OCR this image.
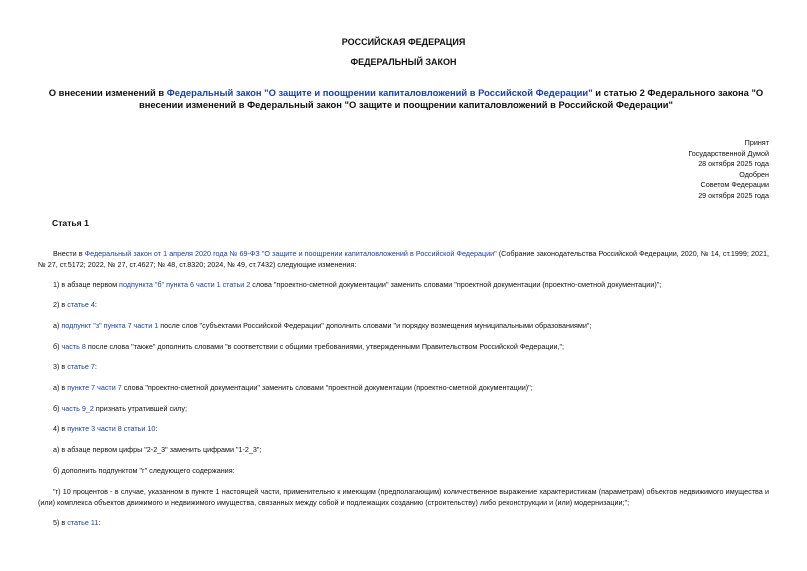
РОССИЙСКАЯ ФЕДЕРАЦИЯ
ФЕДЕРАЛЬНЫЙ ЗАКОН
О внесении изменений в Федеральный закон "О защите и поощрении капиталовложений в Российской Федерации" и статью 2 Федерального закона "О внесении изменений в Федеральный закон "О защите и поощрении капиталовложений в Российской Федерации"
Принят
Государственной Думой
28 октября 2025 года
Одобрен
Советом Федерации
29 октября 2025 года
Статья 1
Внести в Федеральный закон от 1 апреля 2020 года № 69-ФЗ "О защите и поощрении капиталовложений в Российской Федерации" (Собрание законодательства Российской Федерации, 2020, № 14, ст.1999; 2021, № 27, ст.5172; 2022, № 27, ст.4627; № 48, ст.8320; 2024, № 49, ст.7432) следующие изменения:
1) в абзаце первом подпункта "б" пункта 6 части 1 статьи 2 слова "проектно-сметной документации" заменить словами "проектной документации (проектно-сметной документации)";
2) в статье 4:
а) подпункт "з" пункта 7 части 1 после слов "субъектами Российской Федерации" дополнить словами "и порядку возмещения муниципальными образованиями";
б) часть 8 после слова "также" дополнить словами "в соответствии с общими требованиями, утвержденными Правительством Российской Федерации,";
3) в статье 7:
а) в пункте 7 части 7 слова "проектно-сметной документации" заменить словами "проектной документации (проектно-сметной документации)";
б) часть 9_2 признать утратившей силу;
4) в пункте 3 части 8 статьи 10:
а) в абзаце первом цифры "2-2_3" заменить цифрами "1-2_3";
б) дополнить подпунктом "г" следующего содержания:
"г) 10 процентов - в случае, указанном в пункте 1 настоящей части, применительно к имеющим (предполагающим) количественное выражение характеристикам (параметрам) объектов недвижимого имущества и (или) комплекса объектов движимого и недвижимого имущества, связанных между собой и подлежащих созданию (строительству) либо реконструкции и (или) модернизации;";
5) в статье 11:
